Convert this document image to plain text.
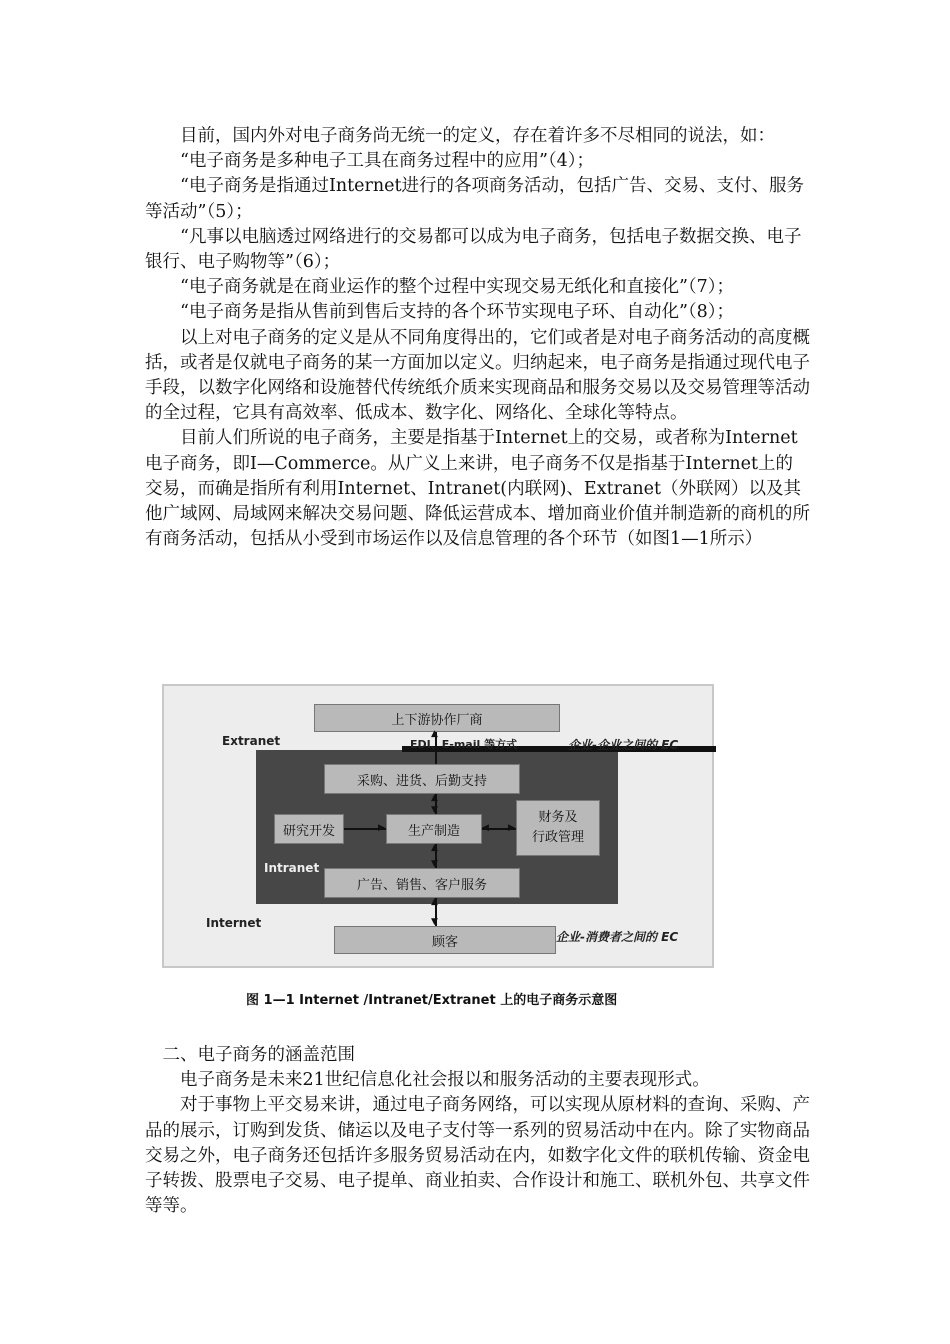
目前，国内外对电子商务尚无统一的定义，存在着许多不尽相同的说法，如：

“电子商务是多种电子工具在商务过程中的应用”（4）；

“电子商务是指通过Internet进行的各项商务活动，包括广告、交易、支付、服务等活动”（5）；

“凡事以电脑透过网络进行的交易都可以成为电子商务，包括电子数据交换、电子银行、电子购物等”（6）；

“电子商务就是在商业运作的整个过程中实现交易无纸化和直接化”（7）；

“电子商务是指从售前到售后支持的各个环节实现电子环、自动化”（8）；

以上对电子商务的定义是从不同角度得出的，它们或者是对电子商务活动的高度概括，或者是仅就电子商务的某一方面加以定义。归纳起来，电子商务是指通过现代电子手段，以数字化网络和设施替代传统纸介质来实现商品和服务交易以及交易管理等活动的全过程，它具有高效率、低成本、数字化、网络化、全球化等特点。

目前人们所说的电子商务，主要是指基于Internet上的交易，或者称为Internet电子商务，即I—Commerce。从广义上来讲，电子商务不仅是指基于Internet上的交易，而确是指所有利用Internet、Intranet(内联网)、Extranet（外联网）以及其他广域网、局域网来解决交易问题、降低运营成本、增加商业价值并制造新的商机的所有商务活动，包括从小受到市场运作以及信息管理的各个环节（如图1—1所示）

Extranet
Intranet
Internet
上下游协作厂商
EDI、E-mail 等方式	企业-企业之间的 EC
采购、进货、后勤支持
研究开发	生产制造
财务及
行政管理
广告、销售、客户服务
顾客	企业-消费者之间的 EC
▲
▲
▼
▲
▼
▲
▼
▶	◀ ▶
图 1—1 Internet /Intranet/Extranet 上的电子商务示意图

二、电子商务的涵盖范围

电子商务是未来21世纪信息化社会报以和服务活动的主要表现形式。

对于事物上平交易来讲，通过电子商务网络，可以实现从原材料的查询、采购、产品的展示，订购到发货、储运以及电子支付等一系列的贸易活动中在内。除了实物商品交易之外，电子商务还包括许多服务贸易活动在内，如数字化文件的联机传输、资金电子转拨、股票电子交易、电子提单、商业拍卖、合作设计和施工、联机外包、共享文件等等。
